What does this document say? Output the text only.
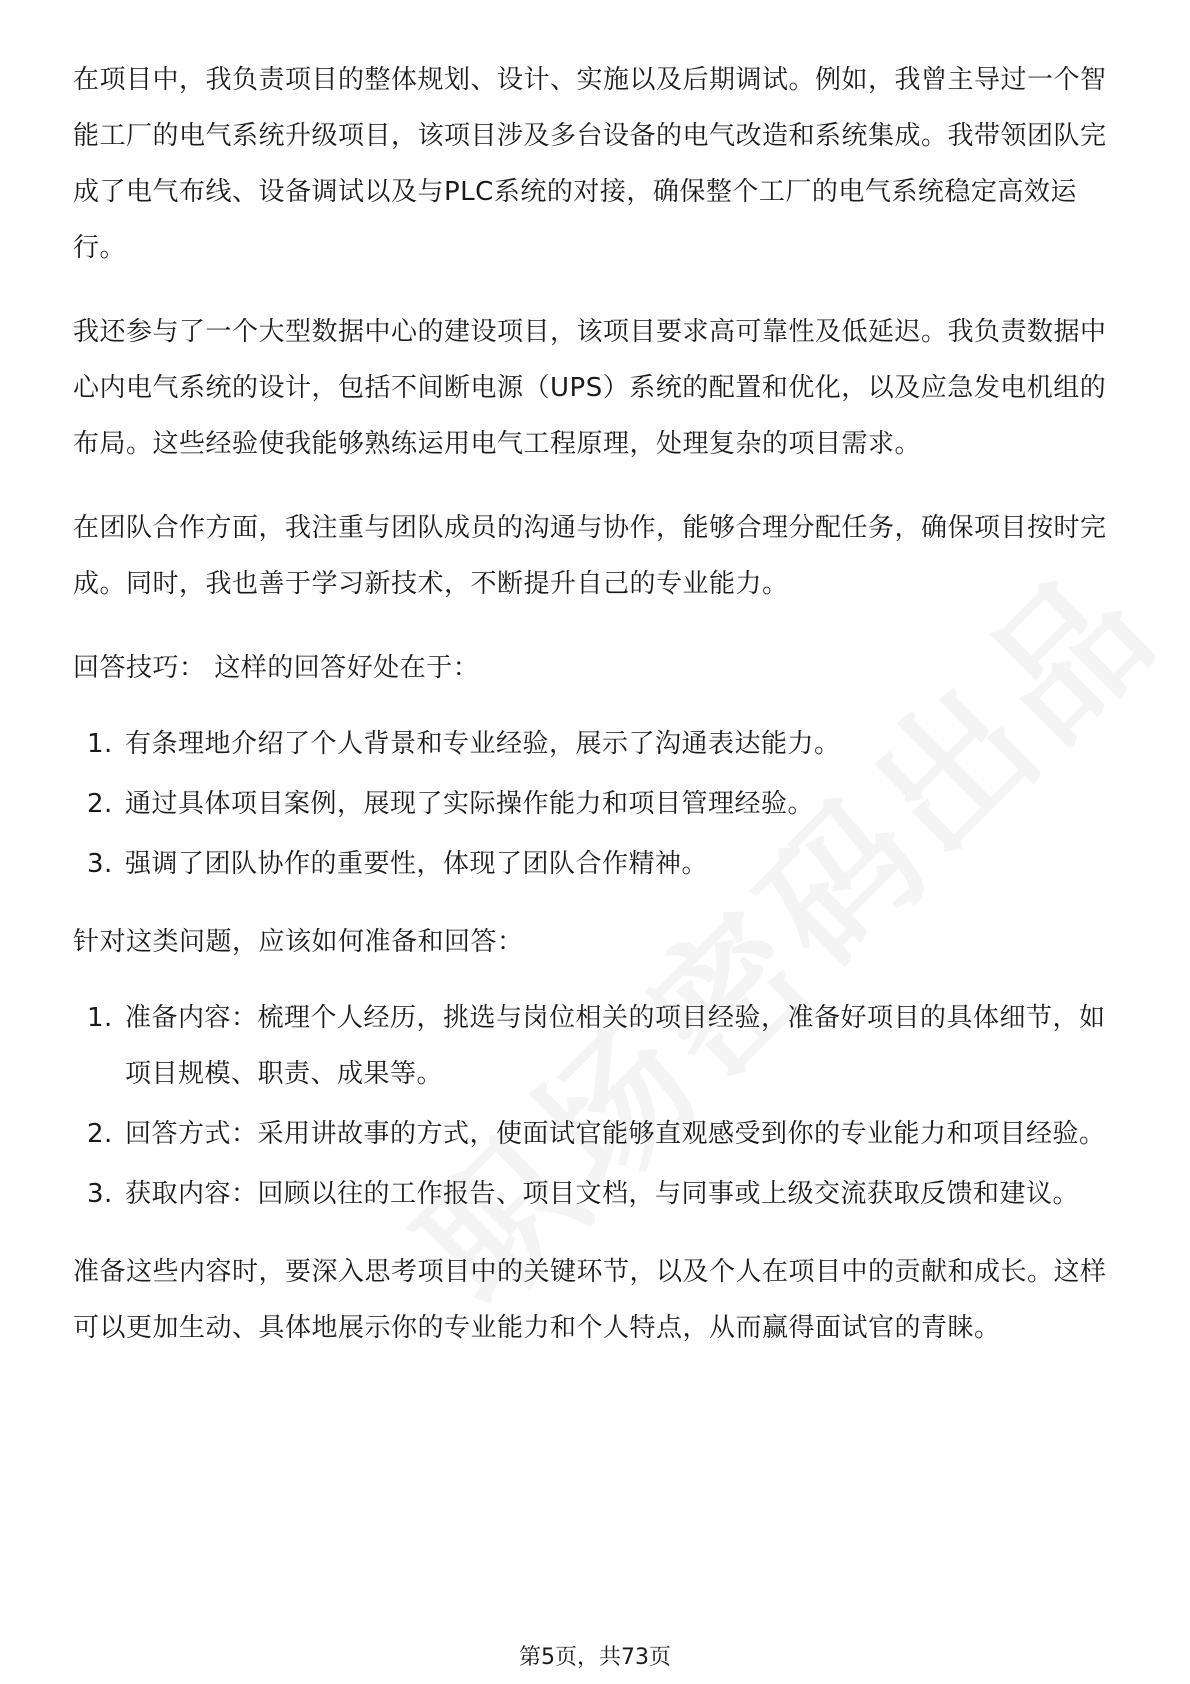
在项目中，我负责项目的整体规划、设计、实施以及后期调试。例如，我曾主导过一个智能工厂的电气系统升级项目，该项目涉及多台设备的电气改造和系统集成。我带领团队完成了电气布线、设备调试以及与PLC系统的对接，确保整个工厂的电气系统稳定高效运行。

我还参与了一个大型数据中心的建设项目，该项目要求高可靠性及低延迟。我负责数据中心内电气系统的设计，包括不间断电源（UPS）系统的配置和优化，以及应急发电机组的布局。这些经验使我能够熟练运用电气工程原理，处理复杂的项目需求。

在团队合作方面，我注重与团队成员的沟通与协作，能够合理分配任务，确保项目按时完成。同时，我也善于学习新技术，不断提升自己的专业能力。

回答技巧： 这样的回答好处在于：

1. 有条理地介绍了个人背景和专业经验，展示了沟通表达能力。
2. 通过具体项目案例，展现了实际操作能力和项目管理经验。
3. 强调了团队协作的重要性，体现了团队合作精神。

针对这类问题，应该如何准备和回答：

1. 准备内容：梳理个人经历，挑选与岗位相关的项目经验，准备好项目的具体细节，如项目规模、职责、成果等。
2. 回答方式：采用讲故事的方式，使面试官能够直观感受到你的专业能力和项目经验。
3. 获取内容：回顾以往的工作报告、项目文档，与同事或上级交流获取反馈和建议。

准备这些内容时，要深入思考项目中的关键环节，以及个人在项目中的贡献和成长。这样可以更加生动、具体地展示你的专业能力和个人特点，从而赢得面试官的青睐。

第5页，共73页
